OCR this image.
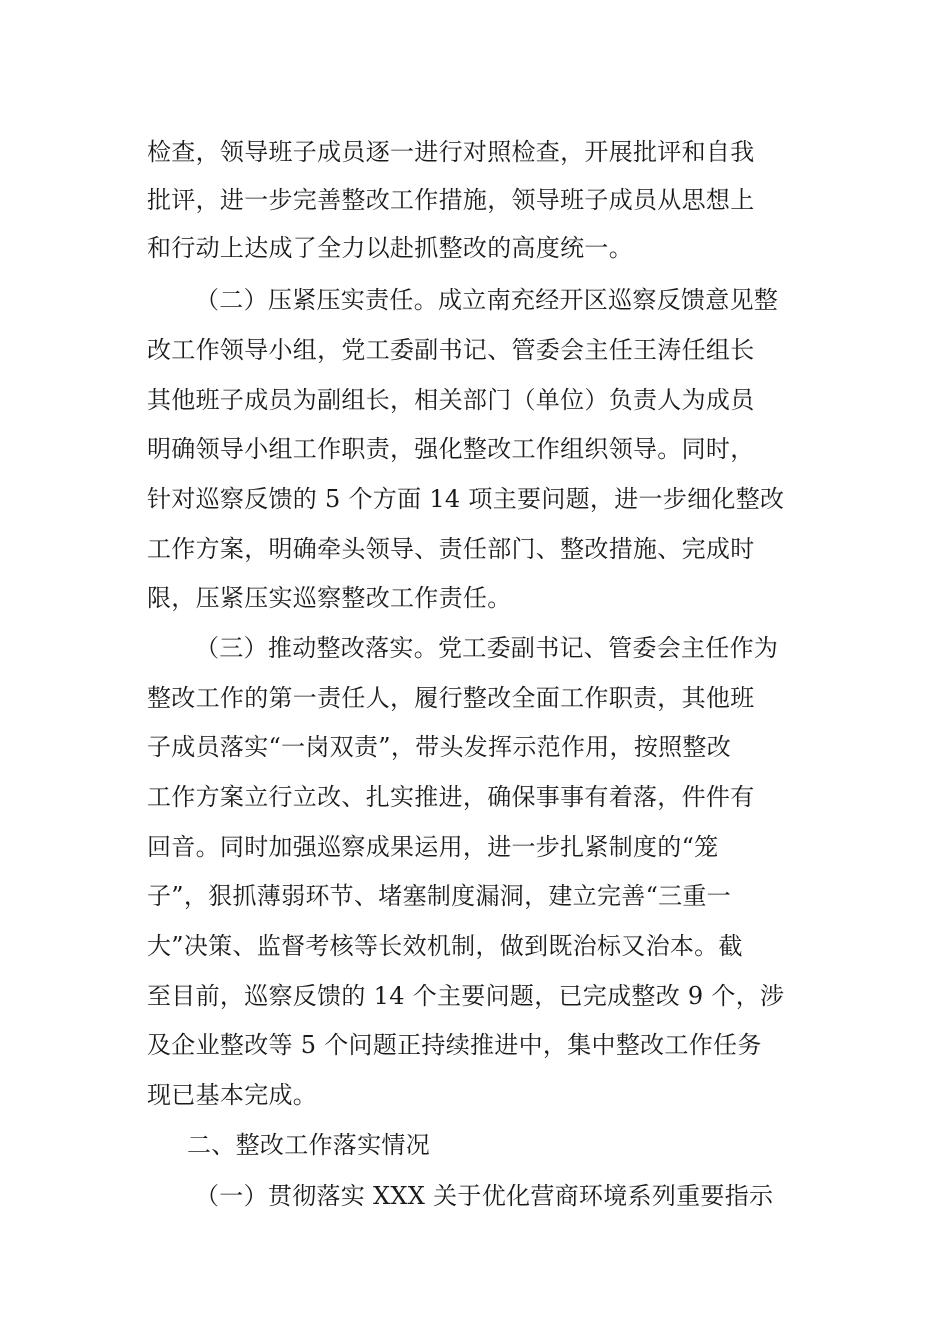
检查，领导班子成员逐一进行对照检查，开展批评和自我
批评，进一步完善整改工作措施，领导班子成员从思想上
和行动上达成了全力以赴抓整改的高度统一。
（二）压紧压实责任。成立南充经开区巡察反馈意见整
改工作领导小组，党工委副书记、管委会主任王涛任组长
其他班子成员为副组长，相关部门（单位）负责人为成员
明确领导小组工作职责，强化整改工作组织领导。同时，
针对巡察反馈的 5 个方面 14 项主要问题，进一步细化整改
工作方案，明确牵头领导、责任部门、整改措施、完成时
限，压紧压实巡察整改工作责任。
（三）推动整改落实。党工委副书记、管委会主任作为
整改工作的第一责任人，履行整改全面工作职责，其他班
子成员落实“一岗双责”，带头发挥示范作用，按照整改
工作方案立行立改、扎实推进，确保事事有着落，件件有
回音。同时加强巡察成果运用，进一步扎紧制度的“笼
子”，狠抓薄弱环节、堵塞制度漏洞，建立完善“三重一
大”决策、监督考核等长效机制，做到既治标又治本。截
至目前，巡察反馈的 14 个主要问题，已完成整改 9 个，涉
及企业整改等 5 个问题正持续推进中，集中整改工作任务
现已基本完成。
二、整改工作落实情况
（一）贯彻落实 XXX 关于优化营商环境系列重要指示
